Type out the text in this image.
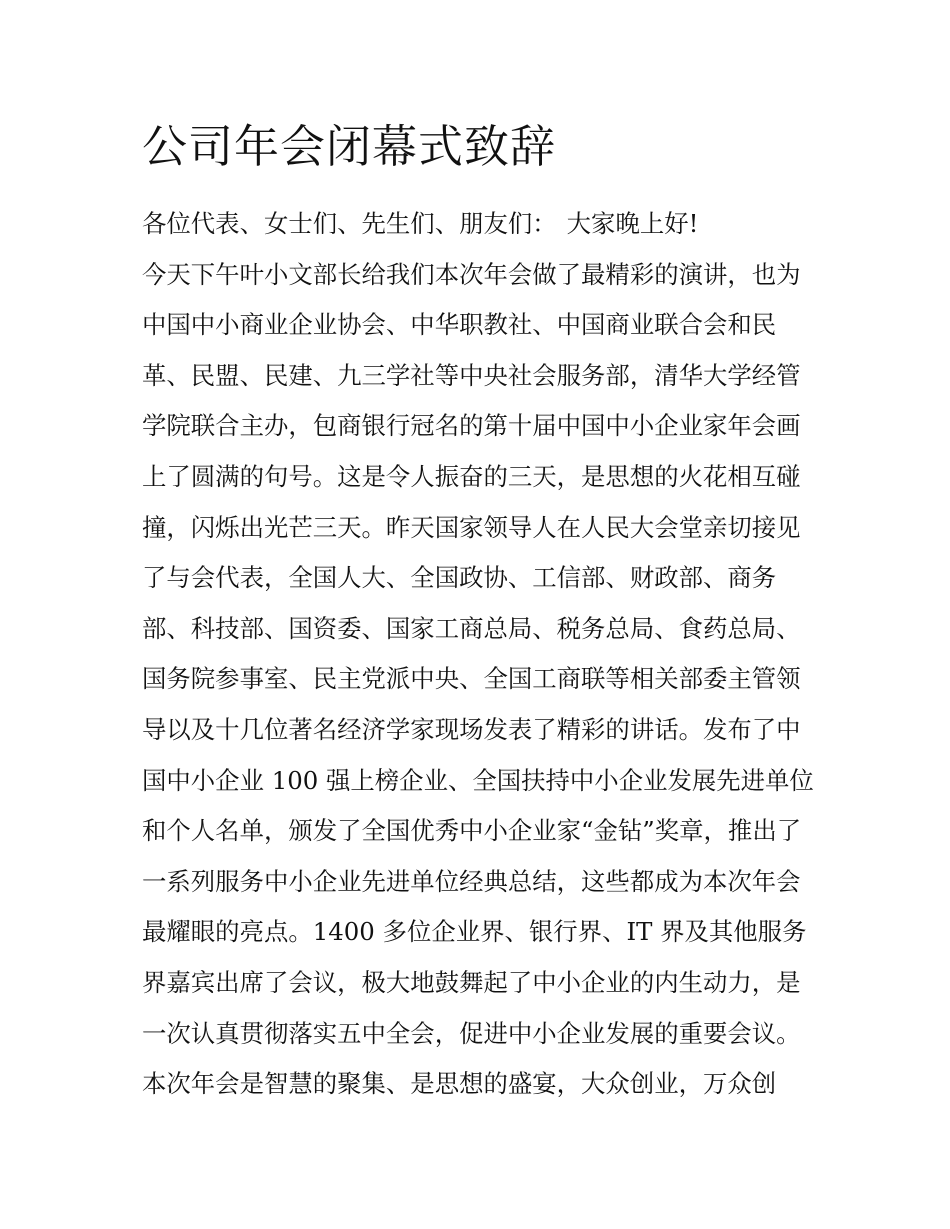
公司年会闭幕式致辞
各位代表、女士们、先生们、朋友们： 大家晚上好!
今天下午叶小文部长给我们本次年会做了最精彩的演讲，也为
中国中小商业企业协会、中华职教社、中国商业联合会和民
革、民盟、民建、九三学社等中央社会服务部，清华大学经管
学院联合主办，包商银行冠名的第十届中国中小企业家年会画
上了圆满的句号。这是令人振奋的三天，是思想的火花相互碰
撞，闪烁出光芒三天。昨天国家领导人在人民大会堂亲切接见
了与会代表，全国人大、全国政协、工信部、财政部、商务
部、科技部、国资委、国家工商总局、税务总局、食药总局、
国务院参事室、民主党派中央、全国工商联等相关部委主管领
导以及十几位著名经济学家现场发表了精彩的讲话。发布了中
国中小企业 100 强上榜企业、全国扶持中小企业发展先进单位
和个人名单，颁发了全国优秀中小企业家“金钻”奖章，推出了
一系列服务中小企业先进单位经典总结，这些都成为本次年会
最耀眼的亮点。1400 多位企业界、银行界、IT 界及其他服务
界嘉宾出席了会议，极大地鼓舞起了中小企业的内生动力，是
一次认真贯彻落实五中全会，促进中小企业发展的重要会议。
本次年会是智慧的聚集、是思想的盛宴，大众创业，万众创
